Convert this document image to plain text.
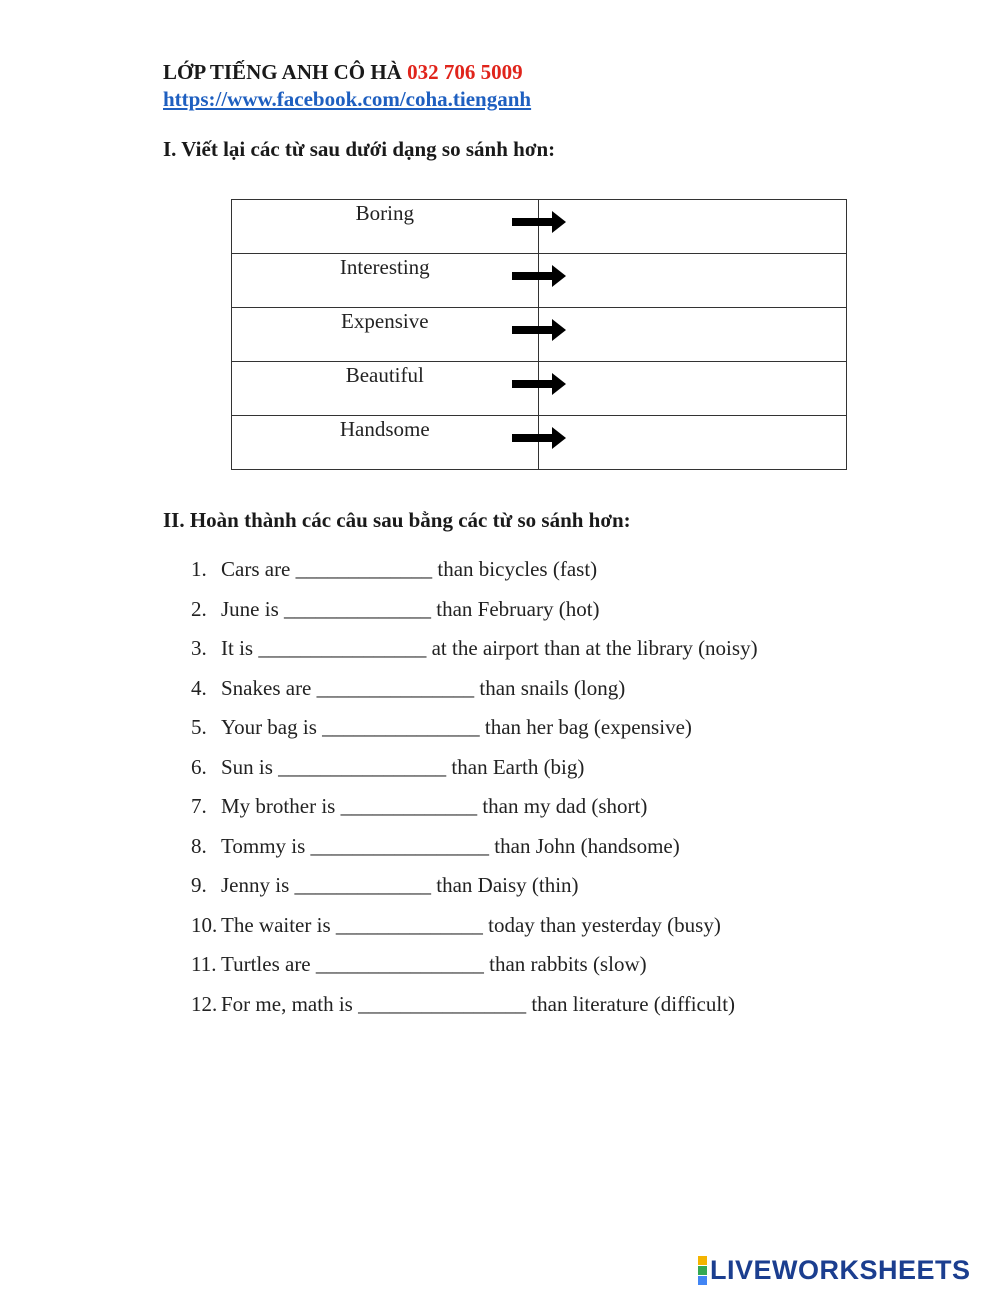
LỚP TIẾNG ANH CÔ HÀ 032 706 5009
https://www.facebook.com/coha.tienganh
I. Viết lại các từ sau dưới dạng so sánh hơn:
Boring

Interesting

Expensive

Beautiful

Handsome

II. Hoàn thành các câu sau bằng các từ so sánh hơn:
1. Cars are _____________ than bicycles (fast)
2. June is ______________ than February (hot)
3. It is ________________ at the airport than at the library (noisy)
4. Snakes are _______________ than snails (long)
5. Your bag is _______________ than her bag (expensive)
6. Sun is ________________ than Earth (big)
7. My brother is _____________ than my dad (short)
8. Tommy is _________________ than John (handsome)
9. Jenny is _____________ than Daisy (thin)
10. The waiter is ______________ today than yesterday (busy)
11. Turtles are ________________ than rabbits (slow)
12. For me, math is ________________ than literature (difficult)
LIVEWORKSHEETS
